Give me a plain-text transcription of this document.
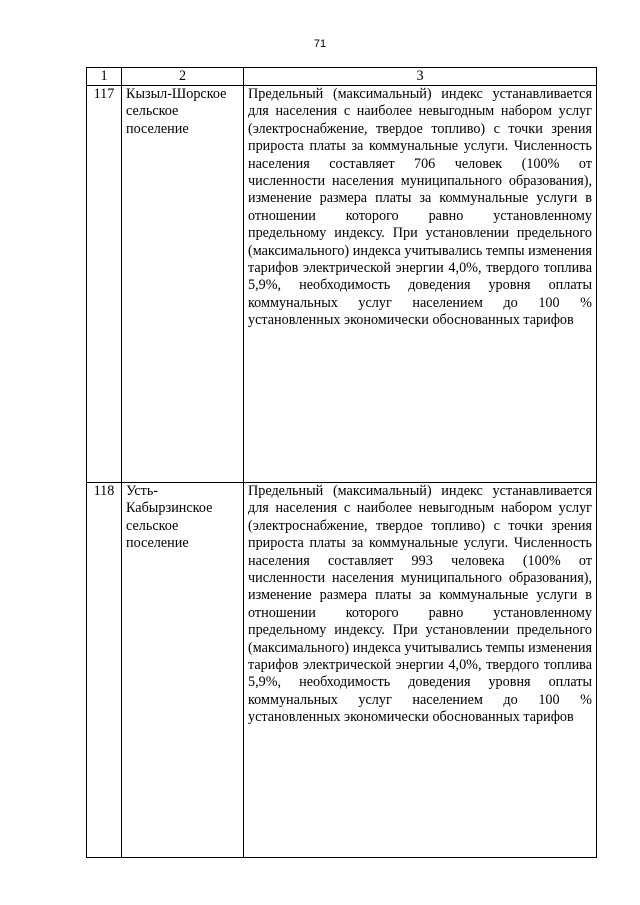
71
1	2	3
117	Кызыл-Шорское сельское поселение	Предельный (максимальный) индекс устанавливается для населения с наиболее невыгодным набором услуг (электроснабжение, твердое топливо) с точки зрения прироста платы за коммунальные услуги. Численность населения составляет 706 человек (100% от численности населения муниципального образования), изменение размера платы за коммунальные услуги в отношении которого равно установленному предельному индексу. При установлении предельного (максимального) индекса учитывались темпы изменения тарифов электрической энергии 4,0%, твердого топлива 5,9%, необходимость доведения уровня оплаты коммунальных услуг населением до 100 % установленных экономически обоснованных тарифов
118	Усть-Кабырзинское сельское поселение	Предельный (максимальный) индекс устанавливается для населения с наиболее невыгодным набором услуг (электроснабжение, твердое топливо) с точки зрения прироста платы за коммунальные услуги. Численность населения составляет 993 человека (100% от численности населения муниципального образования), изменение размера платы за коммунальные услуги в отношении которого равно установленному предельному индексу. При установлении предельного (максимального) индекса учитывались темпы изменения тарифов электрической энергии 4,0%, твердого топлива 5,9%, необходимость доведения уровня оплаты коммунальных услуг населением до 100 % установленных экономически обоснованных тарифов
